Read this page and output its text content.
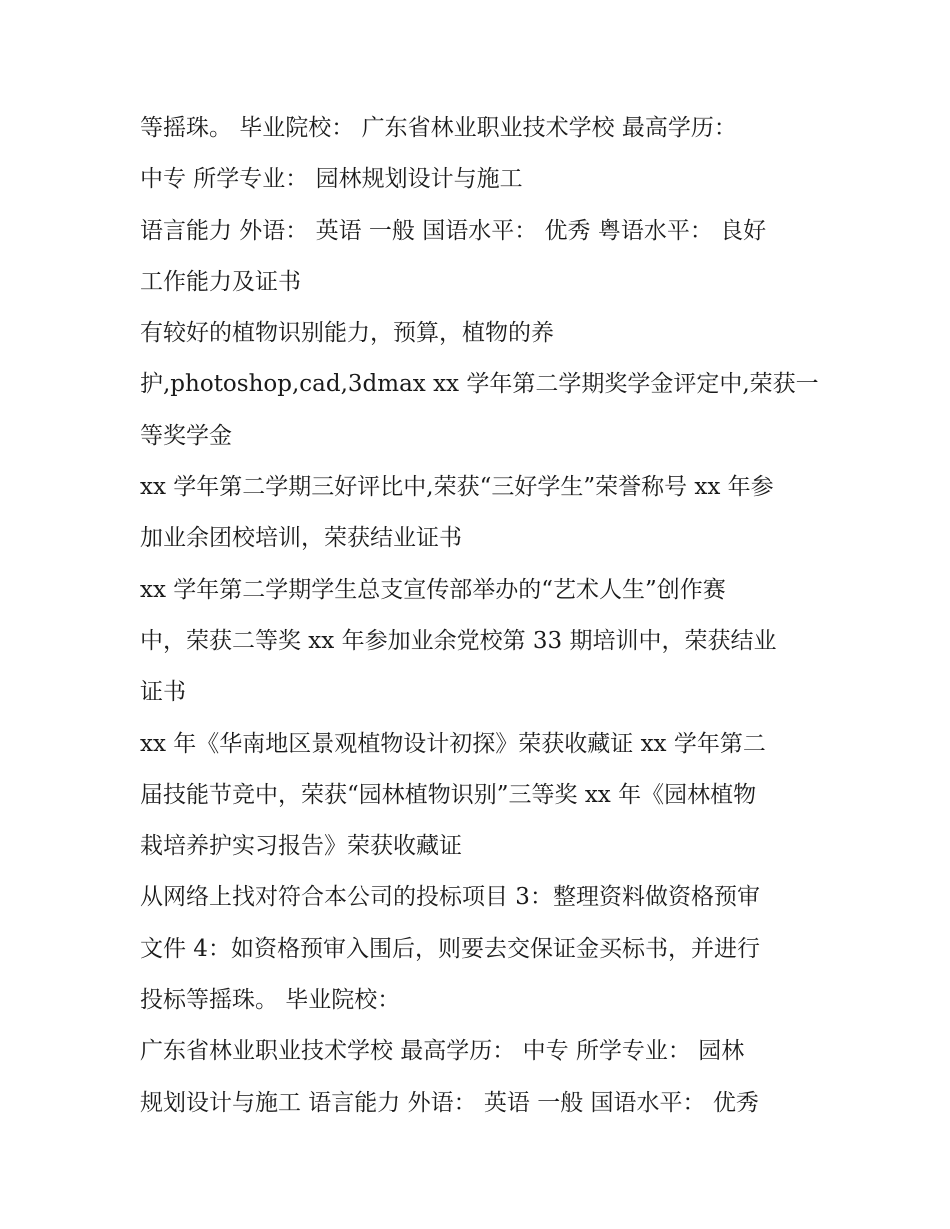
等摇珠。 毕业院校： 广东省林业职业技术学校 最高学历：
中专 所学专业： 园林规划设计与施工
语言能力 外语： 英语 一般 国语水平： 优秀 粤语水平： 良好
工作能力及证书
有较好的植物识别能力，预算，植物的养
护,photoshop,cad,3dmax xx 学年第二学期奖学金评定中,荣获一
等奖学金
xx 学年第二学期三好评比中,荣获“三好学生”荣誉称号 xx 年参
加业余团校培训，荣获结业证书
xx 学年第二学期学生总支宣传部举办的“艺术人生”创作赛
中，荣获二等奖 xx 年参加业余党校第 33 期培训中，荣获结业
证书
xx 年《华南地区景观植物设计初探》荣获收藏证 xx 学年第二
届技能节竞中，荣获“园林植物识别”三等奖 xx 年《园林植物
栽培养护实习报告》荣获收藏证
从网络上找对符合本公司的投标项目 3：整理资料做资格预审
文件 4：如资格预审入围后，则要去交保证金买标书，并进行
投标等摇珠。 毕业院校：
广东省林业职业技术学校 最高学历： 中专 所学专业： 园林
规划设计与施工 语言能力 外语： 英语 一般 国语水平： 优秀
